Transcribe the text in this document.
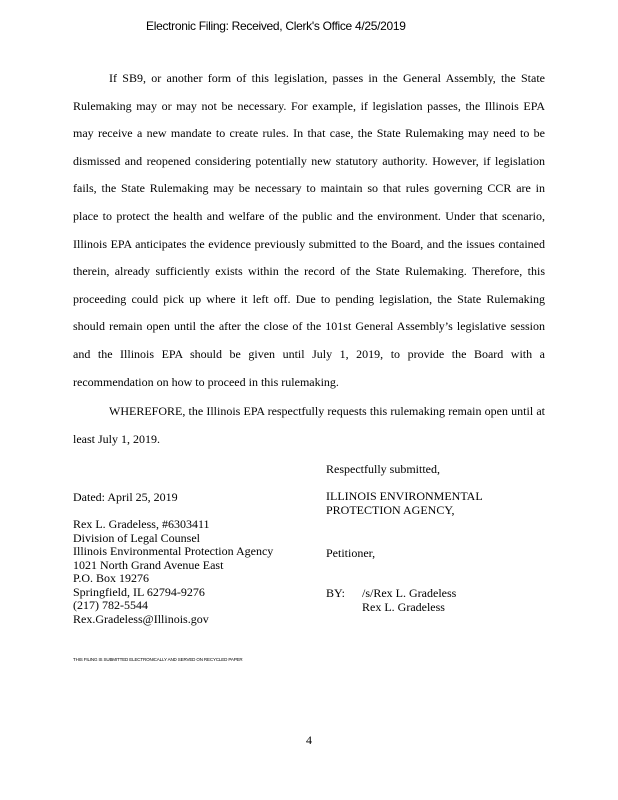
Electronic Filing: Received, Clerk's Office 4/25/2019

If SB9, or another form of this legislation, passes in the General Assembly, the State Rulemaking may or may not be necessary. For example, if legislation passes, the Illinois EPA may receive a new mandate to create rules. In that case, the State Rulemaking may need to be dismissed and reopened considering potentially new statutory authority. However, if legislation fails, the State Rulemaking may be necessary to maintain so that rules governing CCR are in place to protect the health and welfare of the public and the environment. Under that scenario, Illinois EPA anticipates the evidence previously submitted to the Board, and the issues contained therein, already sufficiently exists within the record of the State Rulemaking. Therefore, this proceeding could pick up where it left off. Due to pending legislation, the State Rulemaking should remain open until the after the close of the 101st General Assembly’s legislative session and the Illinois EPA should be given until July 1, 2019, to provide the Board with a recommendation on how to proceed in this rulemaking.

WHEREFORE, the Illinois EPA respectfully requests this rulemaking remain open until at least July 1, 2019.

Respectfully submitted,
Dated: April 25, 2019	ILLINOIS ENVIRONMENTAL
PROTECTION AGENCY,
Rex L. Gradeless, #6303411
Division of Legal Counsel
Illinois Environmental Protection Agency
1021 North Grand Avenue East
P.O. Box 19276
Springfield, IL 62794-9276
(217) 782-5544
Rex.Gradeless@Illinois.gov
Petitioner,
BY: /s/Rex L. Gradeless
Rex L. Gradeless
THIS FILING IS SUBMITTED ELECTRONICALLY AND SERVED ON RECYCLED PAPER
4
